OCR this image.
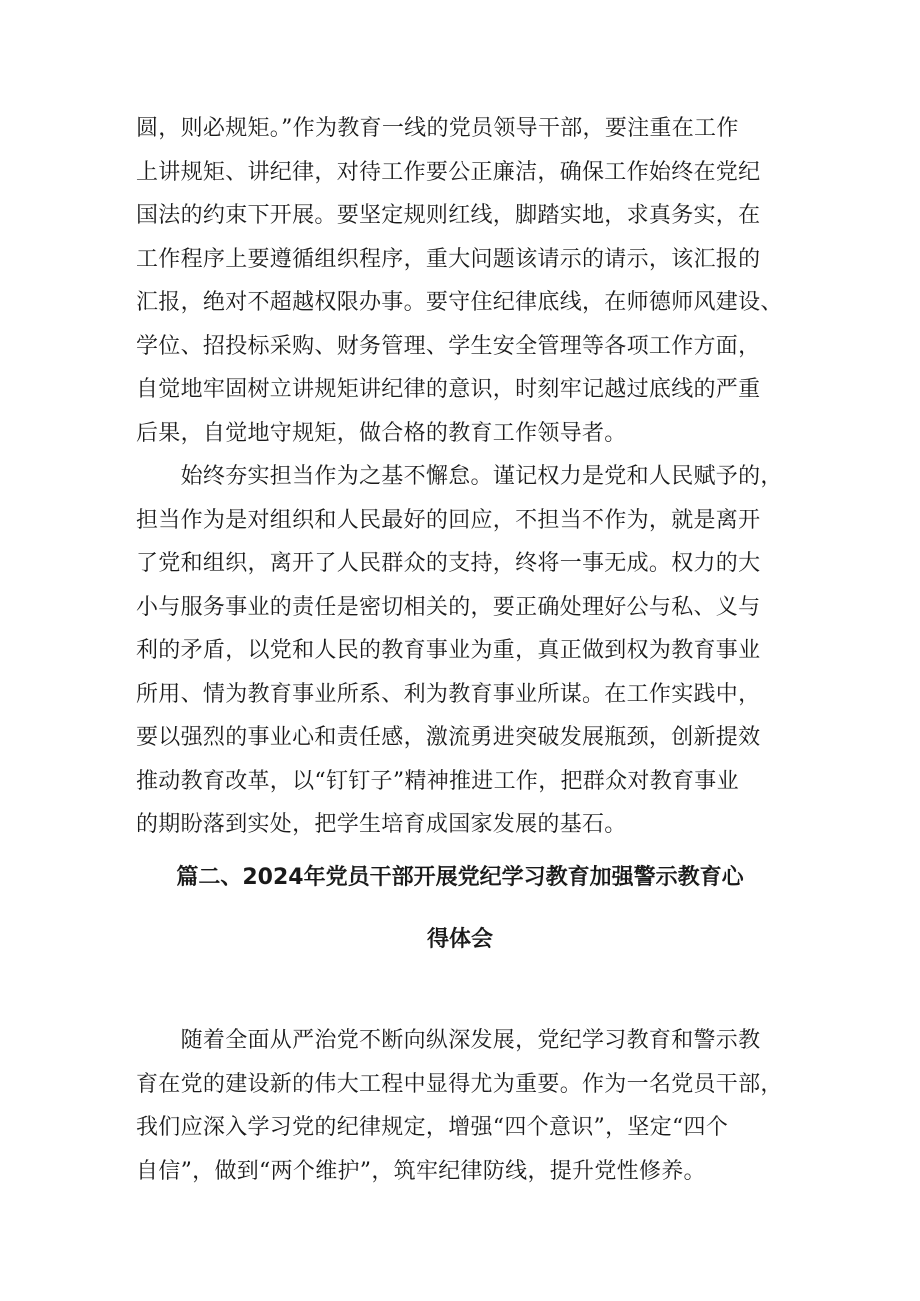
圆，则必规矩。”作为教育一线的党员领导干部，要注重在工作
上讲规矩、讲纪律，对待工作要公正廉洁，确保工作始终在党纪
国法的约束下开展。要坚定规则红线，脚踏实地，求真务实，在
工作程序上要遵循组织程序，重大问题该请示的请示，该汇报的
汇报，绝对不超越权限办事。要守住纪律底线，在师德师风建设、
学位、招投标采购、财务管理、学生安全管理等各项工作方面，
自觉地牢固树立讲规矩讲纪律的意识，时刻牢记越过底线的严重
后果，自觉地守规矩，做合格的教育工作领导者。
　　始终夯实担当作为之基不懈怠。谨记权力是党和人民赋予的，
担当作为是对组织和人民最好的回应，不担当不作为，就是离开
了党和组织，离开了人民群众的支持，终将一事无成。权力的大
小与服务事业的责任是密切相关的，要正确处理好公与私、义与
利的矛盾，以党和人民的教育事业为重，真正做到权为教育事业
所用、情为教育事业所系、利为教育事业所谋。在工作实践中，
要以强烈的事业心和责任感，激流勇进突破发展瓶颈，创新提效
推动教育改革，以“钉钉子”精神推进工作，把群众对教育事业
的期盼落到实处，把学生培育成国家发展的基石。
篇二、2024年党员干部开展党纪学习教育加强警示教育心
得体会
　　随着全面从严治党不断向纵深发展，党纪学习教育和警示教
育在党的建设新的伟大工程中显得尤为重要。作为一名党员干部，
我们应深入学习党的纪律规定，增强“四个意识”，坚定“四个
自信”，做到“两个维护”，筑牢纪律防线，提升党性修养。
